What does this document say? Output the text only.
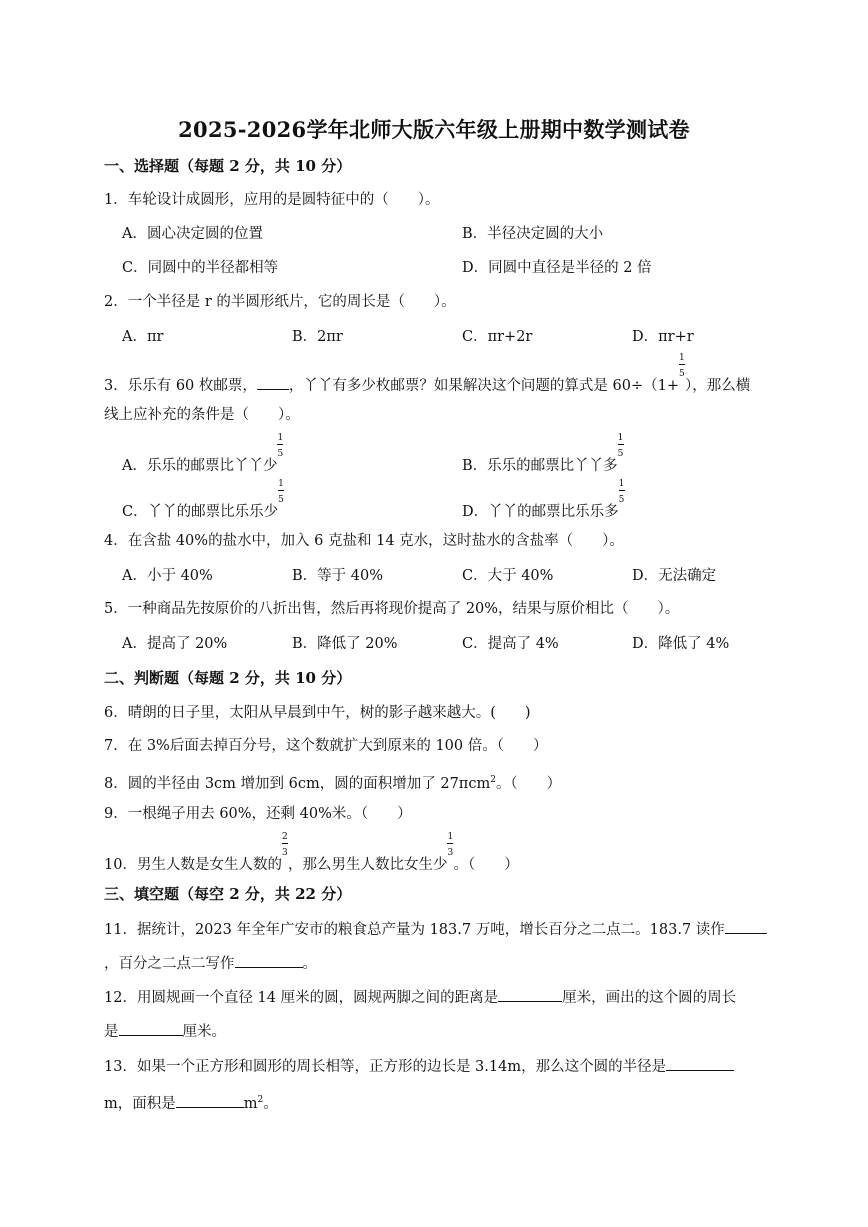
2025-2026学年北师大版六年级上册期中数学测试卷
一、选择题（每题 2 分，共 10 分）
1．车轮设计成圆形，应用的是圆特征中的（　　）。
A．圆心决定圆的位置	B．半径决定圆的大小
C．同圆中的半径都相等	D．同圆中直径是半径的 2 倍
2．一个半径是 r 的半圆形纸片，它的周长是（　　）。
A．πr	B．2πr	C．πr+2r	D．πr+r
3．乐乐有 60 枚邮票， ，丫丫有多少枚邮票？如果解决这个问题的算式是 $60\div(1+ \frac{1}{5}$ ），那么横
线上应补充的条件是（　　）。
A．乐乐的邮票比丫丫少 $\frac{1}{5}$	B．乐乐的邮票比丫丫多 $\frac{1}{5}$
C．丫丫的邮票比乐乐少 $\frac{1}{5}$	D．丫丫的邮票比乐乐多 $\frac{1}{5}$
4．在含盐 40%的盐水中，加入 6 克盐和 14 克水，这时盐水的含盐率（　　）。
A．小于 40%	B．等于 40%	C．大于 40%	D．无法确定
5．一种商品先按原价的八折出售，然后再将现价提高了 20%，结果与原价相比（　　）。
A．提高了 20%	B．降低了 20%	C．提高了 4%	D．降低了 4%
二、判断题（每题 2 分，共 10 分）
6．晴朗的日子里，太阳从早晨到中午，树的影子越来越大。(　　)
7．在 3%后面去掉百分号，这个数就扩大到原来的 100 倍。（　　）
8．圆的半径由 3cm 增加到 6cm，圆的面积增加了 27πcm$^2$。（　　）
9．一根绳子用去 60%，还剩 40%米。（　　）
10．男生人数是女生人数的 $\frac{2}{3}$ ，那么男生人数比女生少 $\frac{1}{3}$ 。（　　）
三、填空题（每空 2 分，共 22 分）
11．据统计，2023 年全年广安市的粮食总产量为 183.7 万吨，增长百分之二点二。183.7 读作
，百分之二点二写作	。
12．用圆规画一个直径 14 厘米的圆，圆规两脚之间的距离是	厘米，画出的这个圆的周长
是	厘米。
13．如果一个正方形和圆形的周长相等，正方形的边长是 3.14m，那么这个圆的半径是
m，面积是	$m^2$。
